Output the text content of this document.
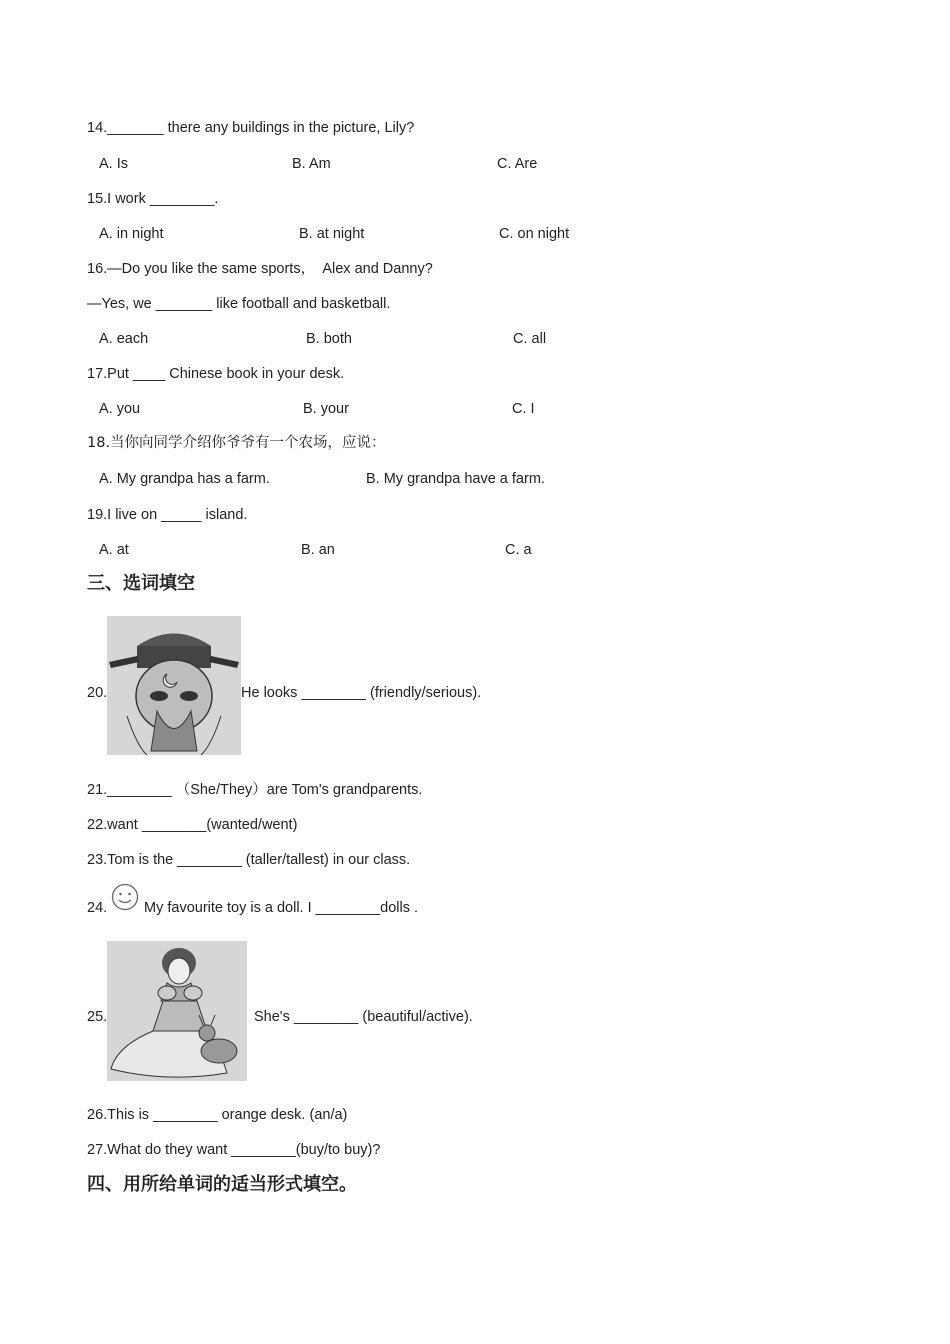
14._______ there any buildings in the picture, Lily?
A. Is	B. Am	C. Are
15.I work ________.
A. in night	B. at night	C. on night
16.—Do you like the same sports，  Alex and Danny?
—Yes, we _______ like football and basketball.
A. each	B. both	C. all
17.Put ____ Chinese book in your desk.
A. you	B. your	C. I
18.当你向同学介绍你爷爷有一个农场，应说：
A. My grandpa has a farm.	B. My grandpa have a farm.
19.I live on _____ island.
A. at	B. an	C. a
三、选词填空
20.	He looks ________ (friendly/serious).
21.________ （She/They）are Tom's grandparents.
22.want ________(wanted/went)
23.Tom is the ________ (taller/tallest) in our class.
24.	My favourite toy is a doll. I ________dolls .
25.	She's ________ (beautiful/active).
26.This is ________ orange desk. (an/a)
27.What do they want ________(buy/to buy)?
四、用所给单词的适当形式填空。
